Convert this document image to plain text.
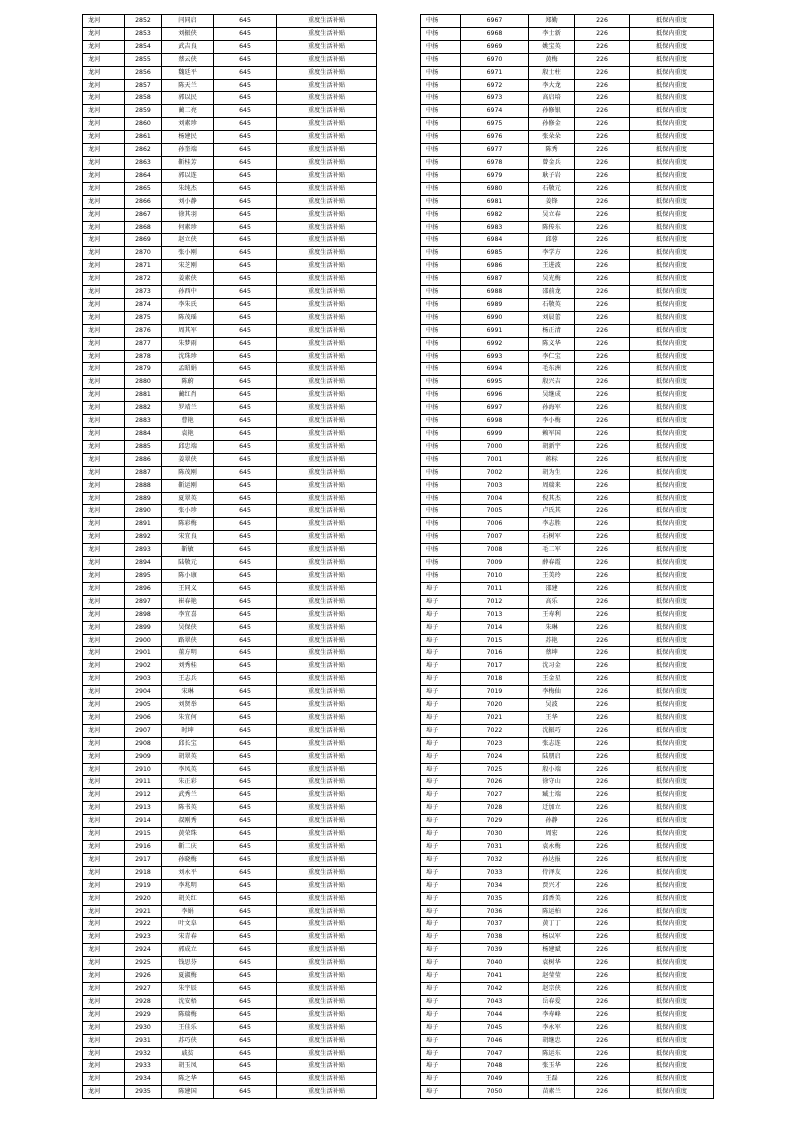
龙河	2852	闫同启	645	重度生活补贴
龙河	2853	刘振侠	645	重度生活补贴
龙河	2854	武吉良	645	重度生活补贴
龙河	2855	蔡云侠	645	重度生活补贴
龙河	2856	魏廷平	645	重度生活补贴
龙河	2857	陈天兰	645	重度生活补贴
龙河	2858	郭以民	645	重度生活补贴
龙河	2859	蔺二亮	645	重度生活补贴
龙河	2860	刘素珍	645	重度生活补贴
龙河	2861	杨建民	645	重度生活补贴
龙河	2862	孙奎端	645	重度生活补贴
龙河	2863	靳桂芳	645	重度生活补贴
龙河	2864	郭以连	645	重度生活补贴
龙河	2865	朱纯杰	645	重度生活补贴
龙河	2866	刘小静	645	重度生活补贴
龙河	2867	徐其羽	645	重度生活补贴
龙河	2868	何素珍	645	重度生活补贴
龙河	2869	赵立侠	645	重度生活补贴
龙河	2870	张小刚	645	重度生活补贴
龙河	2871	宋芝刚	645	重度生活补贴
龙河	2872	姜素侠	645	重度生活补贴
龙河	2873	孙西中	645	重度生活补贴
龙河	2874	李朱氏	645	重度生活补贴
龙河	2875	陈茂瑶	645	重度生活补贴
龙河	2876	周其军	645	重度生活补贴
龙河	2877	朱梦雨	645	重度生活补贴
龙河	2878	沈珠珍	645	重度生活补贴
龙河	2879	孟昭娟	645	重度生活补贴
龙河	2880	陈蔚	645	重度生活补贴
龙河	2881	蔺红肖	645	重度生活补贴
龙河	2882	罗靖兰	645	重度生活补贴
龙河	2883	曹艳	645	重度生活补贴
龙河	2884	袁艳	645	重度生活补贴
龙河	2885	邱忠端	645	重度生活补贴
龙河	2886	姜翠侠	645	重度生活补贴
龙河	2887	陈茂刚	645	重度生活补贴
龙河	2888	靳运刚	645	重度生活补贴
龙河	2889	夏翠英	645	重度生活补贴
龙河	2890	张小珍	645	重度生活补贴
龙河	2891	陈彩梅	645	重度生活补贴
龙河	2892	宋宜良	645	重度生活补贴
龙河	2893	靳敏	645	重度生活补贴
龙河	2894	陆敬元	645	重度生活补贴
龙河	2895	陈小康	645	重度生活补贴
龙河	2896	王同义	645	重度生活补贴
龙河	2897	崔春艳	645	重度生活补贴
龙河	2898	李宜喜	645	重度生活补贴
龙河	2899	吴保侠	645	重度生活补贴
龙河	2900	路翠侠	645	重度生活补贴
龙河	2901	董方明	645	重度生活补贴
龙河	2902	刘秀桂	645	重度生活补贴
龙河	2903	王志兵	645	重度生活补贴
龙河	2904	宋琳	645	重度生活补贴
龙河	2905	刘贤举	645	重度生活补贴
龙河	2906	朱宜何	645	重度生活补贴
龙河	2907	时坤	645	重度生活补贴
龙河	2908	邱长宝	645	重度生活补贴
龙河	2909	胡翠英	645	重度生活补贴
龙河	2910	李凤英	645	重度生活补贴
龙河	2911	朱正彩	645	重度生活补贴
龙河	2912	武秀兰	645	重度生活补贴
龙河	2913	陈书英	645	重度生活补贴
龙河	2914	叔刚秀	645	重度生活补贴
龙河	2915	黄荣珠	645	重度生活补贴
龙河	2916	靳二庆	645	重度生活补贴
龙河	2917	孙晓梅	645	重度生活补贴
龙河	2918	刘永平	645	重度生活补贴
龙河	2919	李兆明	645	重度生活补贴
龙河	2920	胡关红	645	重度生活补贴
龙河	2921	李娟	645	重度生活补贴
龙河	2922	叶文阜	645	重度生活补贴
龙河	2923	宋青春	645	重度生活补贴
龙河	2924	郭成立	645	重度生活补贴
龙河	2925	钱思芬	645	重度生活补贴
龙河	2926	夏淑梅	645	重度生活补贴
龙河	2927	朱宇辰	645	重度生活补贴
龙河	2928	沈安梧	645	重度生活补贴
龙河	2929	陈瑞梅	645	重度生活补贴
龙河	2930	王佳乐	645	重度生活补贴
龙河	2931	苏巧侠	645	重度生活补贴
龙河	2932	戚贫	645	重度生活补贴
龙河	2933	胡玉凤	645	重度生活补贴
龙河	2934	陈之华	645	重度生活补贴
龙河	2935	陈建国	645	重度生活补贴
中扬	6967	郑勤	226	抵保内重度
中扬	6968	李士新	226	抵保内重度
中扬	6969	姚宝英	226	抵保内重度
中扬	6970	黄梅	226	抵保内重度
中扬	6971	殷士柱	226	抵保内重度
中扬	6972	李大龙	226	抵保内重度
中扬	6973	高启培	226	抵保内重度
中扬	6974	孙修银	226	抵保内重度
中扬	6975	孙修金	226	抵保内重度
中扬	6976	张朵朵	226	抵保内重度
中扬	6977	陈秀	226	抵保内重度
中扬	6978	曾金兵	226	抵保内重度
中扬	6979	耿子岩	226	抵保内重度
中扬	6980	石敬元	226	抵保内重度
中扬	6981	姜锋	226	抵保内重度
中扬	6982	吴立春	226	抵保内重度
中扬	6983	陈传东	226	抵保内重度
中扬	6984	邱蓉	226	抵保内重度
中扬	6985	李学方	226	抵保内重度
中扬	6986	王进波	226	抵保内重度
中扬	6987	吴光梅	226	抵保内重度
中扬	6988	邵前龙	226	抵保内重度
中扬	6989	石敬英	226	抵保内重度
中扬	6990	刘晨蕾	226	抵保内重度
中扬	6991	杨正清	226	抵保内重度
中扬	6992	陈义华	226	抵保内重度
中扬	6993	李仁宝	226	抵保内重度
中扬	6994	毛东洲	226	抵保内重度
中扬	6995	殷兴吉	226	抵保内重度
中扬	6996	吴继成	226	抵保内重度
中扬	6997	孙海军	226	抵保内重度
中扬	6998	李小梅	226	抵保内重度
中扬	6999	赖军国	226	抵保内重度
中扬	7000	胡新宇	226	抵保内重度
中扬	7001	蒋标	226	抵保内重度
中扬	7002	胡为生	226	抵保内重度
中扬	7003	周瑞来	226	抵保内重度
中扬	7004	倪其杰	226	抵保内重度
中扬	7005	卢氏其	226	抵保内重度
中扬	7006	李志胜	226	抵保内重度
中扬	7007	石树军	226	抵保内重度
中扬	7008	毛二军	226	抵保内重度
中扬	7009	薛春霞	226	抵保内重度
中扬	7010	王美玲	226	抵保内重度
埠子	7011	邵建	226	抵保内重度
埠子	7012	高乐	226	抵保内重度
埠子	7013	王寿利	226	抵保内重度
埠子	7014	朱琳	226	抵保内重度
埠子	7015	苏艳	226	抵保内重度
埠子	7016	蔡坤	226	抵保内重度
埠子	7017	沈习金	226	抵保内重度
埠子	7018	王金星	226	抵保内重度
埠子	7019	李梅仙	226	抵保内重度
埠子	7020	吴波	226	抵保内重度
埠子	7021	王华	226	抵保内重度
埠子	7022	沈振巧	226	抵保内重度
埠子	7023	张志连	226	抵保内重度
埠子	7024	陆朋启	226	抵保内重度
埠子	7025	殷小端	226	抵保内重度
埠子	7026	徐守山	226	抵保内重度
埠子	7027	臧士端	226	抵保内重度
埠子	7028	迁加立	226	抵保内重度
埠子	7029	孙静	226	抵保内重度
埠子	7030	周宏	226	抵保内重度
埠子	7031	袁永梅	226	抵保内重度
埠子	7032	孙达报	226	抵保内重度
埠子	7033	侍泽友	226	抵保内重度
埠子	7034	贾兴才	226	抵保内重度
埠子	7035	邱香美	226	抵保内重度
埠子	7036	陈运柏	226	抵保内重度
埠子	7037	黄丁丁	226	抵保内重度
埠子	7038	杨以军	226	抵保内重度
埠子	7039	杨建斌	226	抵保内重度
埠子	7040	袁树华	226	抵保内重度
埠子	7041	赵莹莹	226	抵保内重度
埠子	7042	赵宗侠	226	抵保内重度
埠子	7043	岳春爱	226	抵保内重度
埠子	7044	李寿峰	226	抵保内重度
埠子	7045	李永军	226	抵保内重度
埠子	7046	胡继忠	226	抵保内重度
埠子	7047	陈运东	226	抵保内重度
埠子	7048	张玉华	226	抵保内重度
埠子	7049	王磊	226	抵保内重度
埠子	7050	苗素兰	226	抵保内重度
